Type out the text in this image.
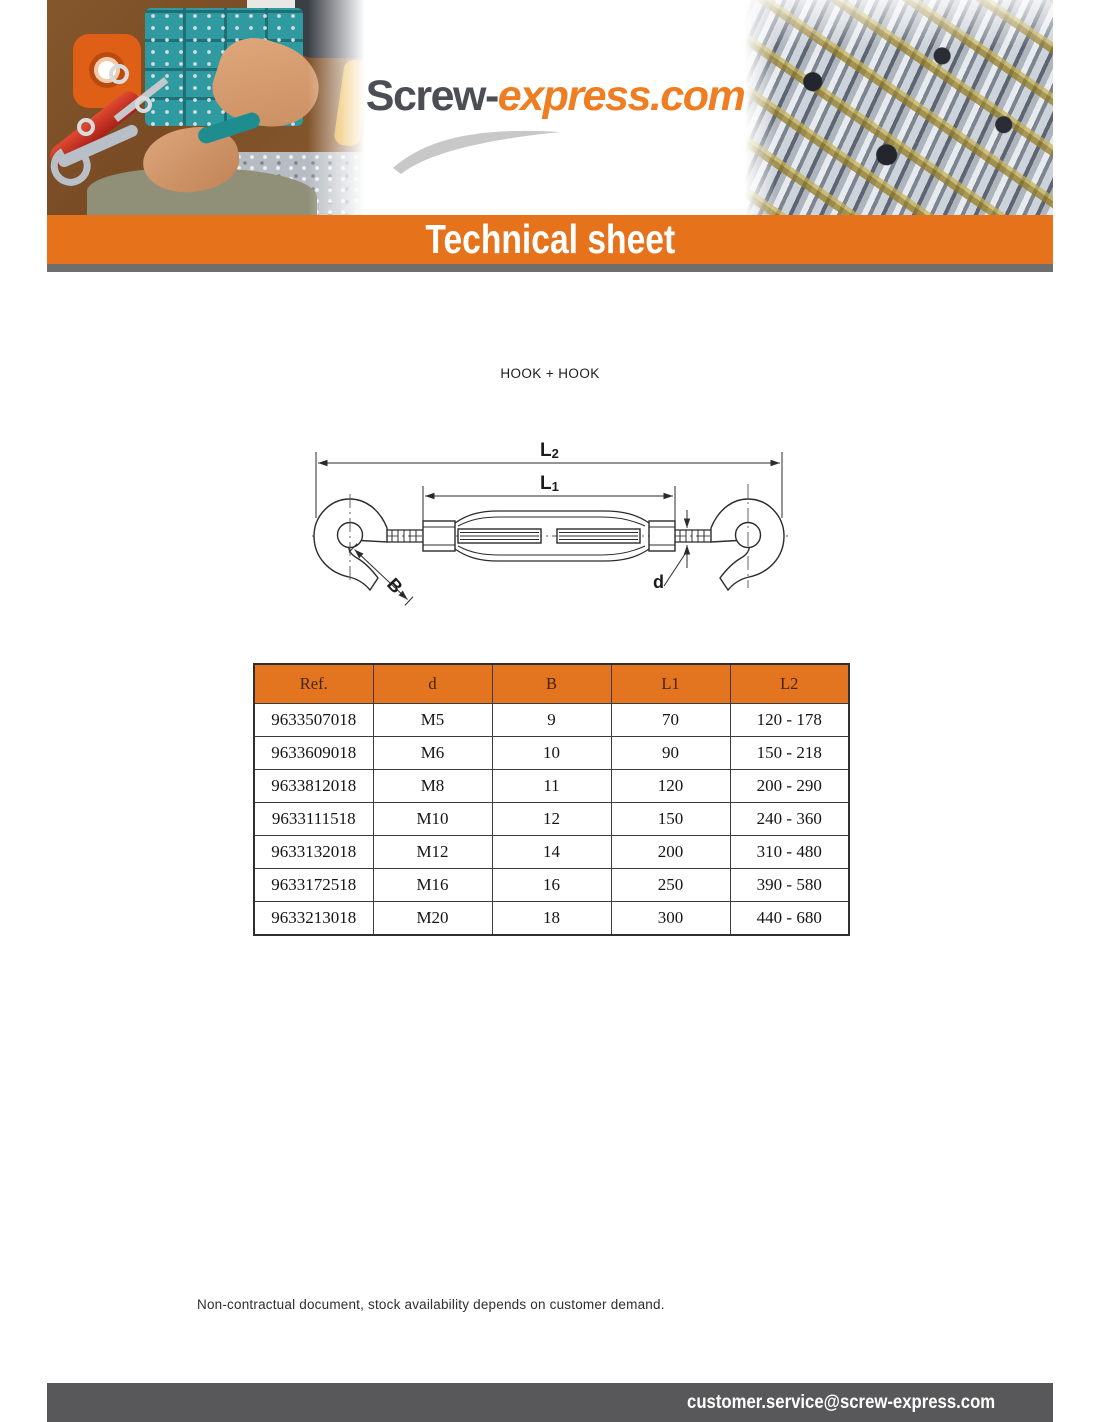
Screw-express.com
Technical sheet
HOOK + HOOK
L2
L1
d
B
Ref.	d	B	L1	L2
9633507018	M5	9	70	120 - 178
9633609018	M6	10	90	150 - 218
9633812018	M8	11	120	200 - 290
9633111518	M10	12	150	240 - 360
9633132018	M12	14	200	310 - 480
9633172518	M16	16	250	390 - 580
9633213018	M20	18	300	440 - 680
Non-contractual document, stock availability depends on customer demand.
customer.service@screw-express.com
